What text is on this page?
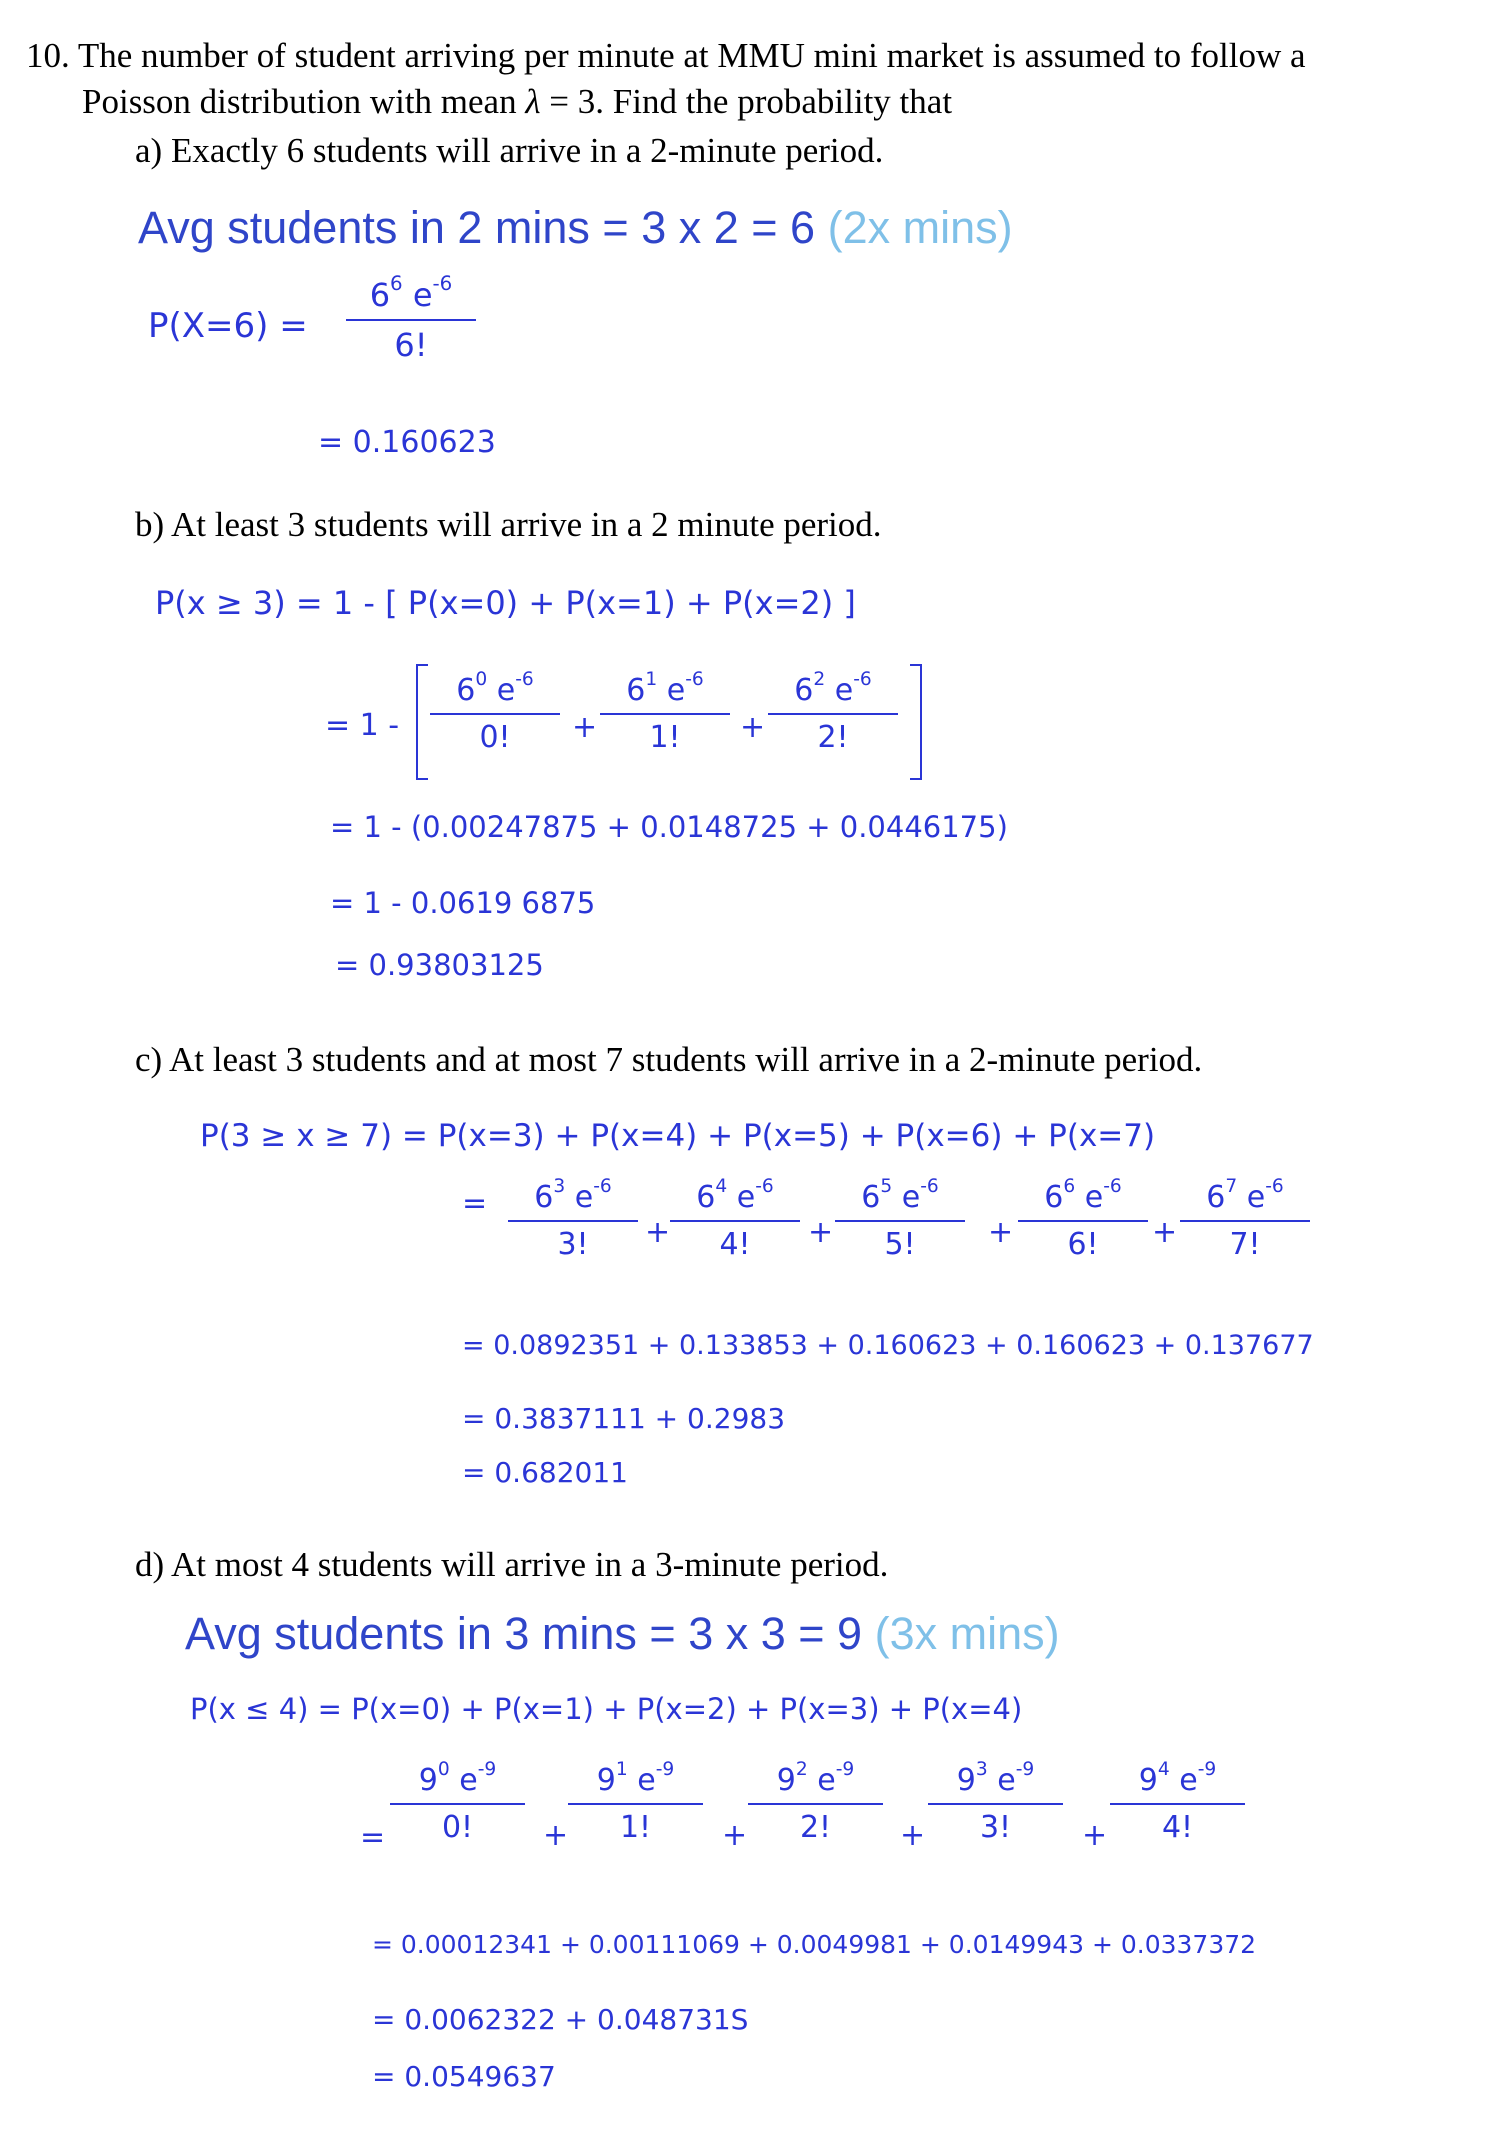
10. The number of student arriving per minute at MMU mini market is assumed to follow a
Poisson distribution with mean λ = 3. Find the probability that
a) Exactly 6 students will arrive in a 2-minute period.
Avg students in 2 mins = 3 x 2 = 6 (2x mins)
P(X=6) =
$6^6$ $e^{-6}$
6!
= 0.160623
b) At least 3 students will arrive in a 2 minute period.
P(x ≥ 3) = 1 - [ P(x=0) + P(x=1) + P(x=2) ]
= 1 -
$6^0$ $e^{-6}$
0!	+
$6^1$ $e^{-6}$
1!	+
$6^2$ $e^{-6}$
2!
= 1 - (0.00247875 + 0.0148725 + 0.0446175)
= 1 - 0.0619 6875
= 0.93803125
c) At least 3 students and at most 7 students will arrive in a 2-minute period.
P(3 ≥ x ≥ 7) = P(x=3) + P(x=4) + P(x=5) + P(x=6) + P(x=7)
=	$6^3$ $e^{-6}$
3!	+
$6^4$ $e^{-6}$
4!	+
$6^5$ $e^{-6}$
5!	+
$6^6$ $e^{-6}$
6!	+
$6^7$ $e^{-6}$
7!
= 0.0892351 + 0.133853 + 0.160623 + 0.160623 + 0.137677
= 0.3837111 + 0.2983
= 0.682011
d) At most 4 students will arrive in a 3-minute period.
Avg students in 3 mins = 3 x 3 = 9 (3x mins)
P(x ≤ 4) = P(x=0) + P(x=1) + P(x=2) + P(x=3) + P(x=4)
=
$9^0$ $e^{-9}$
0!	+
$9^1$ $e^{-9}$
1!	+
$9^2$ $e^{-9}$
2!	+
$9^3$ $e^{-9}$
3!	+
$9^4$ $e^{-9}$
4!
= 0.00012341 + 0.00111069 + 0.0049981 + 0.0149943 + 0.0337372
= 0.0062322 + 0.048731S
= 0.0549637
